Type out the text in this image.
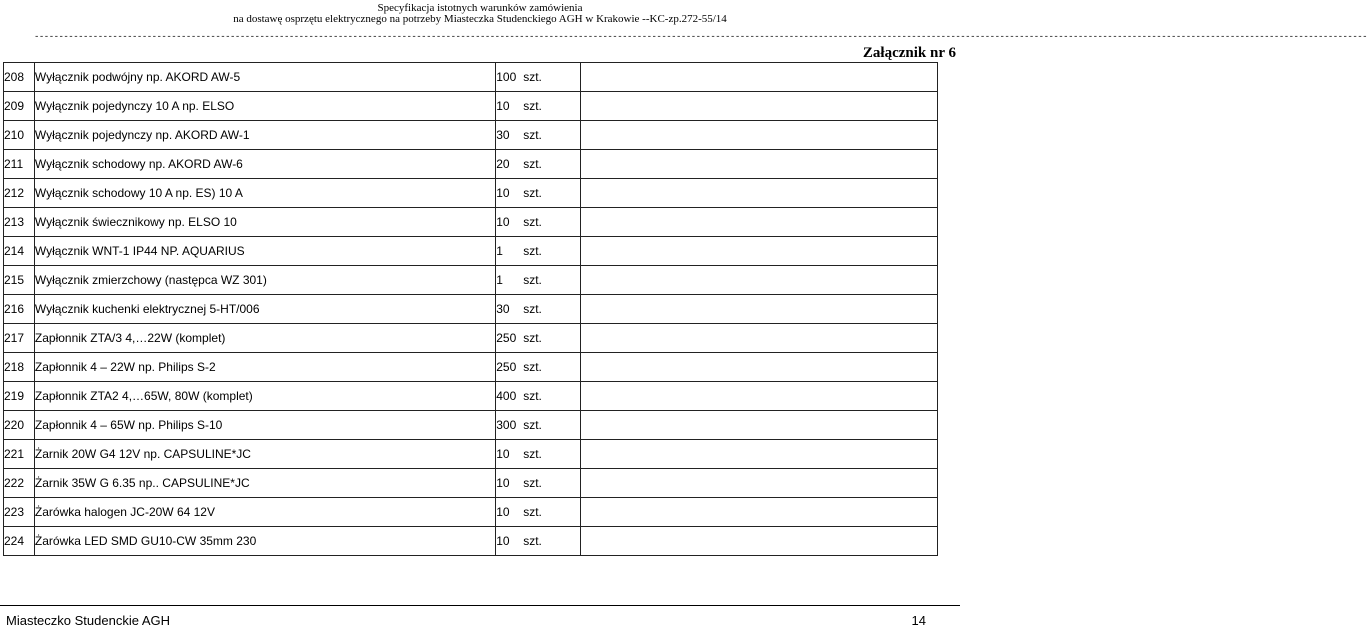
Specyfikacja istotnych warunków zamówienia
na dostawę osprzętu elektrycznego na potrzeby Miasteczka Studenckiego AGH w Krakowie --KC-zp.272-55/14
--------------------------------------------------------------------------------------------------------------------------------------------------------------------------------------------------------------------------------------------------------------------------------
Załącznik nr 6
208	Wyłącznik podwójny np. AKORD AW-5	100 szt.	
209	Wyłącznik pojedynczy 10 A np. ELSO	10 szt.	
210	Wyłącznik pojedynczy np. AKORD AW-1	30 szt.	
211	Wyłącznik schodowy np. AKORD AW-6	20 szt.	
212	Wyłącznik schodowy 10 A np. ES) 10 A	10 szt.	
213	Wyłącznik świecznikowy np. ELSO 10	10 szt.	
214	Wyłącznik WNT-1 IP44 NP. AQUARIUS	1 szt.	
215	Wyłącznik zmierzchowy (następca WZ 301)	1 szt.	
216	Wyłącznik kuchenki elektrycznej 5-HT/006	30 szt.	
217	Zapłonnik ZTA/3 4,…22W (komplet)	250 szt.	
218	Zapłonnik 4 – 22W np. Philips S-2	250 szt.	
219	Zapłonnik ZTA2 4,…65W, 80W (komplet)	400 szt.	
220	Zapłonnik 4 – 65W np. Philips S-10	300 szt.	
221	Żarnik 20W G4 12V np. CAPSULINE*JC	10 szt.	
222	Żarnik 35W G 6.35 np.. CAPSULINE*JC	10 szt.	
223	Żarówka halogen JC-20W 64 12V	10 szt.	
224	Żarówka LED SMD GU10-CW 35mm 230	10 szt.	
Miasteczko Studenckie AGH	14
